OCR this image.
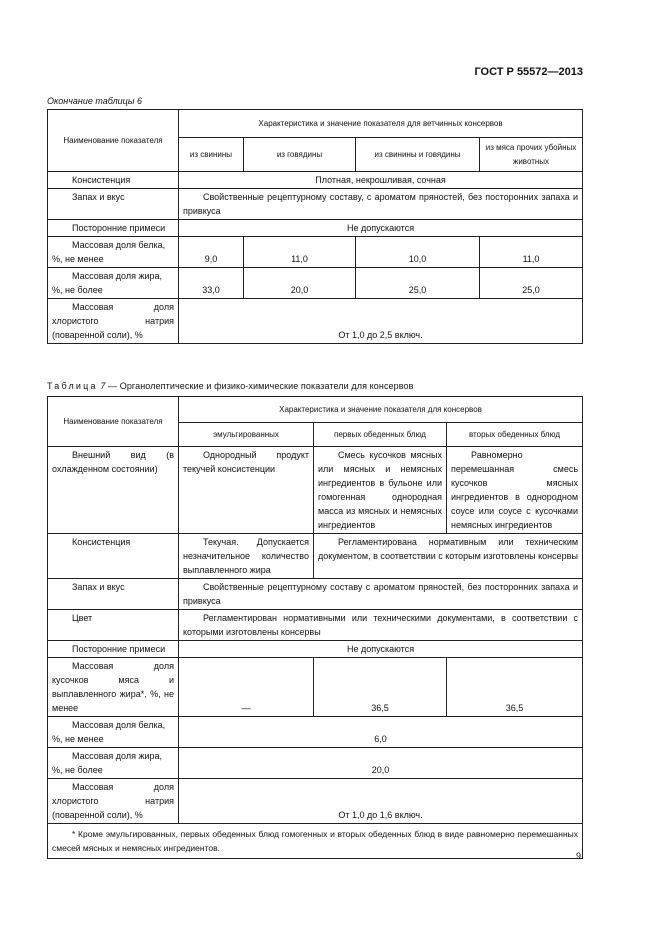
ГОСТ Р 55572—2013
Окончание таблицы 6
Наименование показателя	Характеристика и значение показателя для ветчинных консервов			
	из свинины	из говядины	из свинины и говядины	из мяса прочих убойных животных
Консистенция	Плотная, некрошливая, сочная			
Запах и вкус	Свойственные рецептурному составу, с ароматом пряностей, без посторонних запаха и привкуса			
Посторонние примеси	Не допускаются			
Массовая доля белка, %, не менее	9,0	11,0	10,0	11,0
Массовая доля жира, %, не более	33,0	20,0	25,0	25,0
Массовая доля хлористого натрия (поваренной соли), %	От 1,0 до 2,5 включ.			
Таблица 7 — Органолептические и физико-химические показатели для консервов
Наименование показателя	Характеристика и значение показателя для консервов		
	эмульгированных	первых обеденных блюд	вторых обеденных блюд
Внешний вид (в охлажденном состоянии)	Однородный продукт текучей консистенции	Смесь кусочков мясных или мясных и немясных ингредиентов в бульоне или гомогенная однородная масса из мясных и немясных ингредиентов	Равномерно перемешанная смесь кусочков мясных ингредиентов в однородном соусе или соусе с кусочками немясных ингредиентов
Консистенция	Текучая. Допускается незначительное количество выплавленного жира	Регламентирована нормативным или техническим документом, в соответствии с которым изготовлены консервы	
Запах и вкус	Свойственные рецептурному составу с ароматом пряностей, без посторонних запаха и привкуса		
Цвет	Регламентирован нормативными или техническими документами, в соответствии с которыми изготовлены консервы		
Посторонние примеси	Не допускаются		
Массовая доля кусочков мяса и выплавленного жира*, %, не менее	—	36,5	36,5
Массовая доля белка, %, не менее	6,0		
Массовая доля жира, %, не более	20,0		
Массовая доля хлористого натрия (поваренной соли), %	От 1,0 до 1,6 включ.		
* Кроме эмульгированных, первых обеденных блюд гомогенных и вторых обеденных блюд в виде равномерно перемешанных смесей мясных и немясных ингредиентов.			
9
